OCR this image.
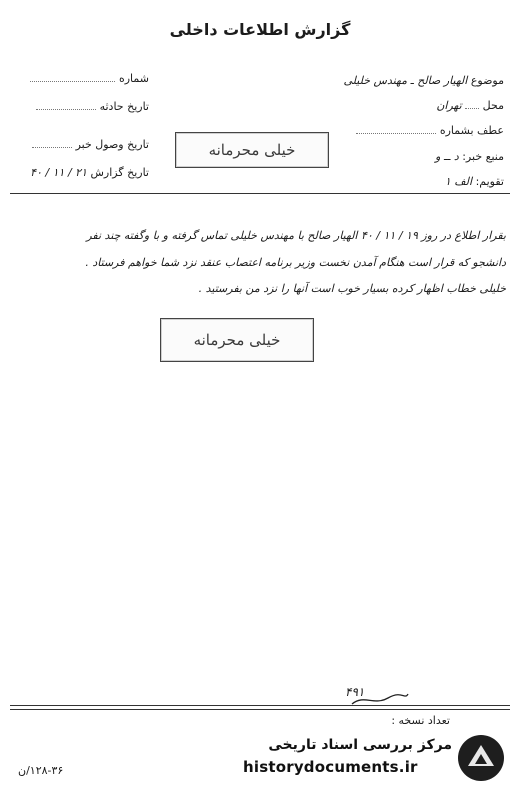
گزارش اطلاعات داخلی
موضوع الهیار صالح ـ مهندس خلیلی
محل  تهران
عطف بشماره
منبع خبر: د ــ و
تقویم: الف ۱
شماره
تاریخ حادثه
تاریخ وصول خبر
تاریخ گزارش ۲۱ / ۱۱ / ۴۰
خیلی محرمانه
بقرار اطلاع در روز ۱۹ / ۱۱ / ۴۰ الهیار صالح با مهندس خلیلی تماس گرفته و با وگفته چند نفر
دانشجو که قرار است هنگام آمدن نخست وزیر برنامه اعتصاب عنقد نزد شما خواهم فرستاد .
خلیلی خطاب اظهار کرده بسیار خوب است آنها را نزد من بفرستید .
خیلی محرمانه
۴۹۱
تعداد نسخه :
مرکز بررسی اسناد تاریخی
historydocuments.ir
۱۲۸-۳۶/ن
